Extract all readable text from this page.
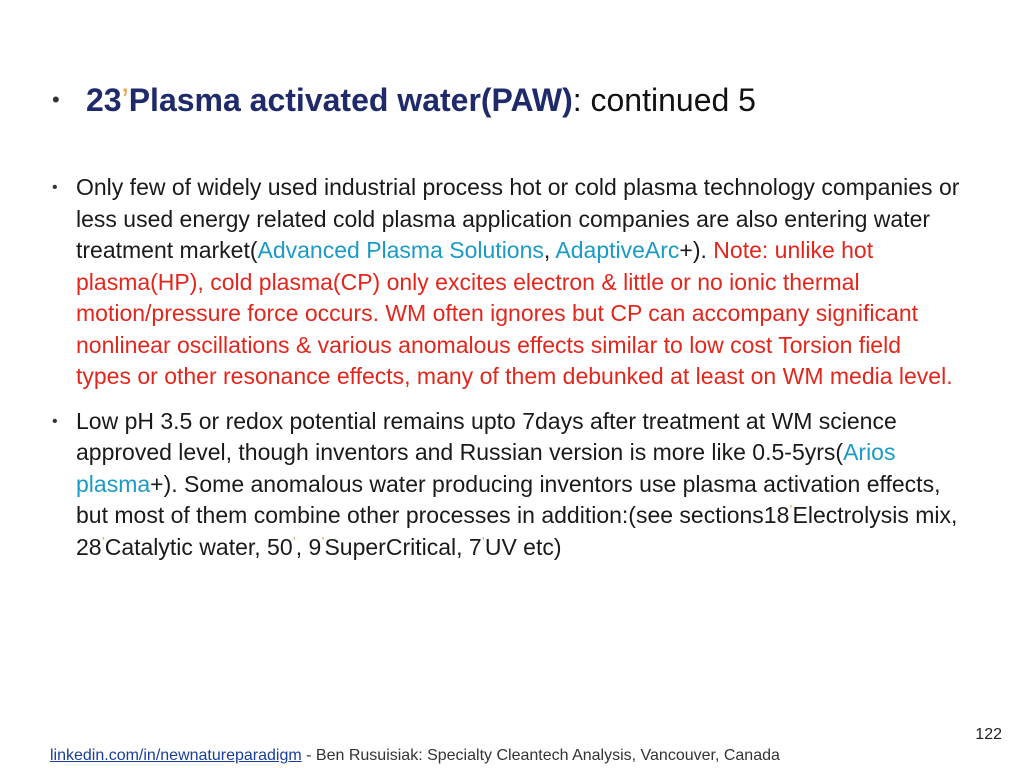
• 23’Plasma activated water(PAW): continued 5
• Only few of widely used industrial process hot or cold plasma technology companies or less used energy related cold plasma application companies are also entering water treatment market(Advanced Plasma Solutions, AdaptiveArc+). Note: unlike hot plasma(HP), cold plasma(CP) only excites electron & little or no ionic thermal motion/pressure force occurs. WM often ignores but CP can accompany significant nonlinear oscillations & various anomalous effects similar to low cost Torsion field types or other resonance effects, many of them debunked at least on WM media level.
• Low pH 3.5 or redox potential remains upto 7days after treatment at WM science approved level, though inventors and Russian version is more like 0.5-5yrs(Arios plasma+). Some anomalous water producing inventors use plasma activation effects, but most of them combine other processes in addition:(see sections18’Electrolysis mix, 28’Catalytic water, 50’, 9’SuperCritical, 7’UV etc)
122
linkedin.com/in/newnatureparadigm - Ben Rusuisiak: Specialty Cleantech Analysis, Vancouver, Canada
